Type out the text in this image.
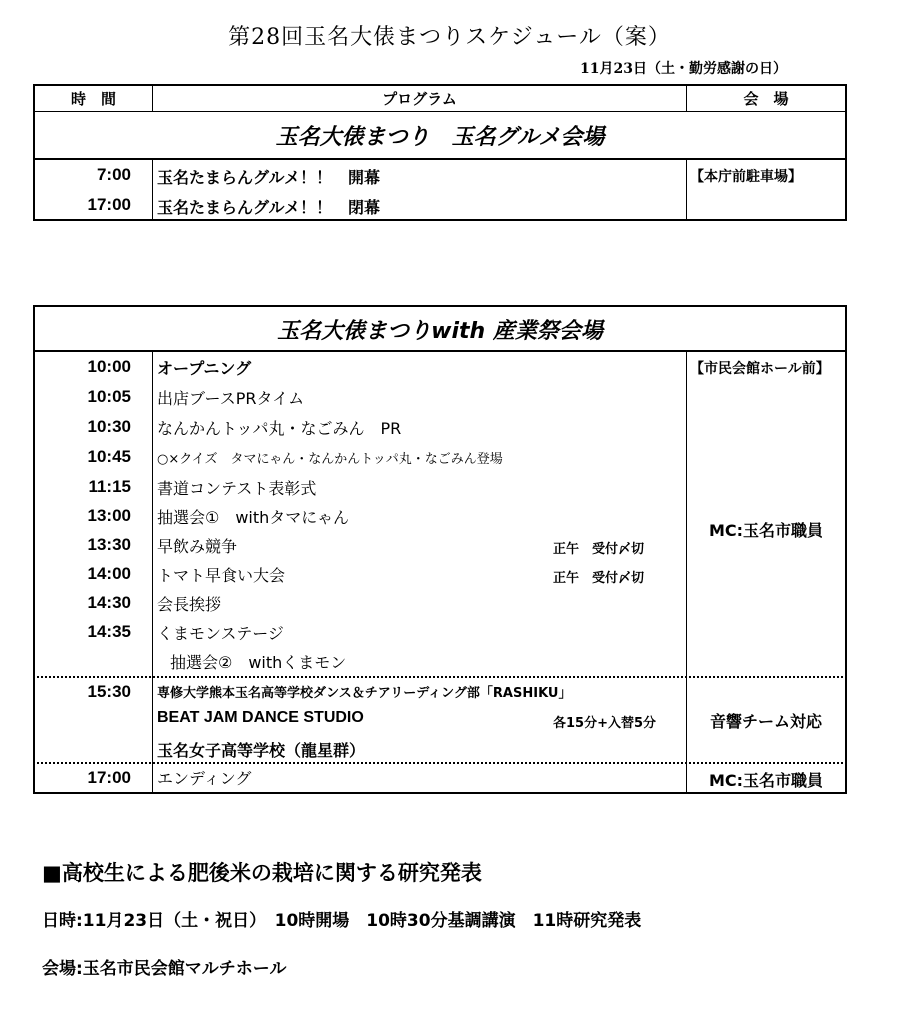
第28回玉名大俵まつりスケジュール（案）
11月23日（土・勤労感謝の日）
時　間	プログラム	会　場
玉名大俵まつり　玉名グルメ会場
7:00 玉名たまらんグルメ！！　開幕
17:00 玉名たまらんグルメ！！　閉幕
【本庁前駐車場】
玉名大俵まつりwith 産業祭会場
10:00 オープニング
10:05 出店ブースPRタイム
10:30 なんかんトッパ丸・なごみん　PR
10:45 ○×クイズ　タマにゃん・なんかんトッパ丸・なごみん登場
11:15 書道コンテスト表彰式
13:00 抽選会①　withタマにゃん
13:30 早飲み競争	正午　受付〆切
14:00 トマト早食い大会	正午　受付〆切
14:30 会長挨拶
14:35 くまモンステージ
抽選会②　withくまモン
【市民会館ホール前】
MC:玉名市職員
15:30 専修大学熊本玉名高等学校ダンス＆チアリーディング部「RASHIKU」
BEAT JAM DANCE STUDIO	各15分+入替5分
玉名女子高等学校（龍星群）
音響チーム対応
17:00 エンディング	MC:玉名市職員
■高校生による肥後米の栽培に関する研究発表
日時:11月23日（土・祝日）　10時開場　10時30分基調講演　11時研究発表
会場:玉名市民会館マルチホール
